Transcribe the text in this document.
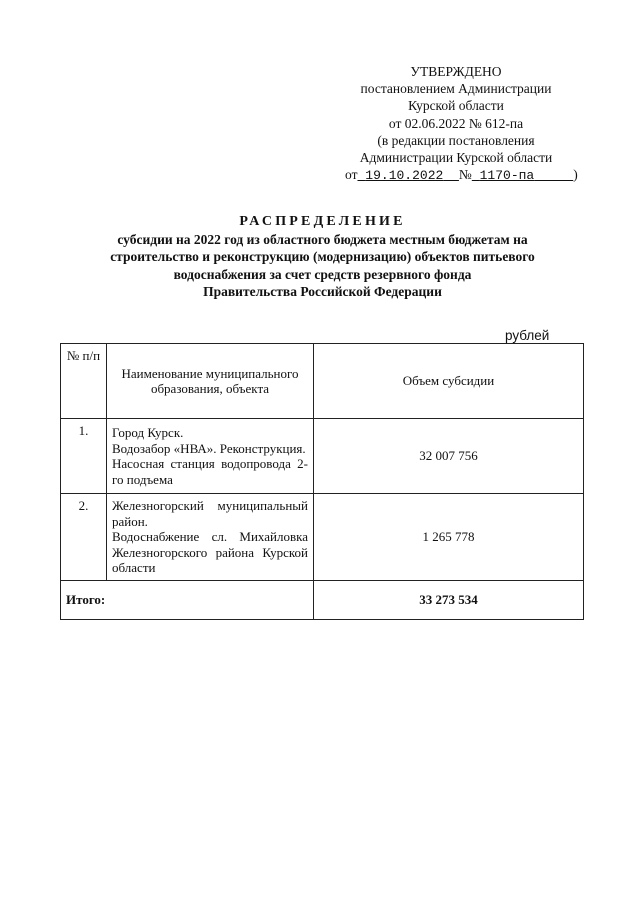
УТВЕРЖДЕНО
постановлением Администрации
Курской области
от 02.06.2022 № 612-па
(в редакции постановления
Администрации Курской области
от 19.10.2022 № 1170-па	)
РАСПРЕДЕЛЕНИЕ
субсидии на 2022 год из областного бюджета местным бюджетам на
строительство и реконструкцию (модернизацию) объектов питьевого
водоснабжения за счет средств резервного фонда
Правительства Российской Федерации
рублей
№ п/п	Наименование муниципального образования, объекта	Объем субсидии
1.	Город Курск.
Водозабор «НВА». Реконструкция.
Насосная станция водопровода 2-го подъема	32 007 756
2.	Железногорский муниципальный район.
Водоснабжение сл. Михайловка Железногорского района Курской области	1 265 778
Итого:		33 273 534
